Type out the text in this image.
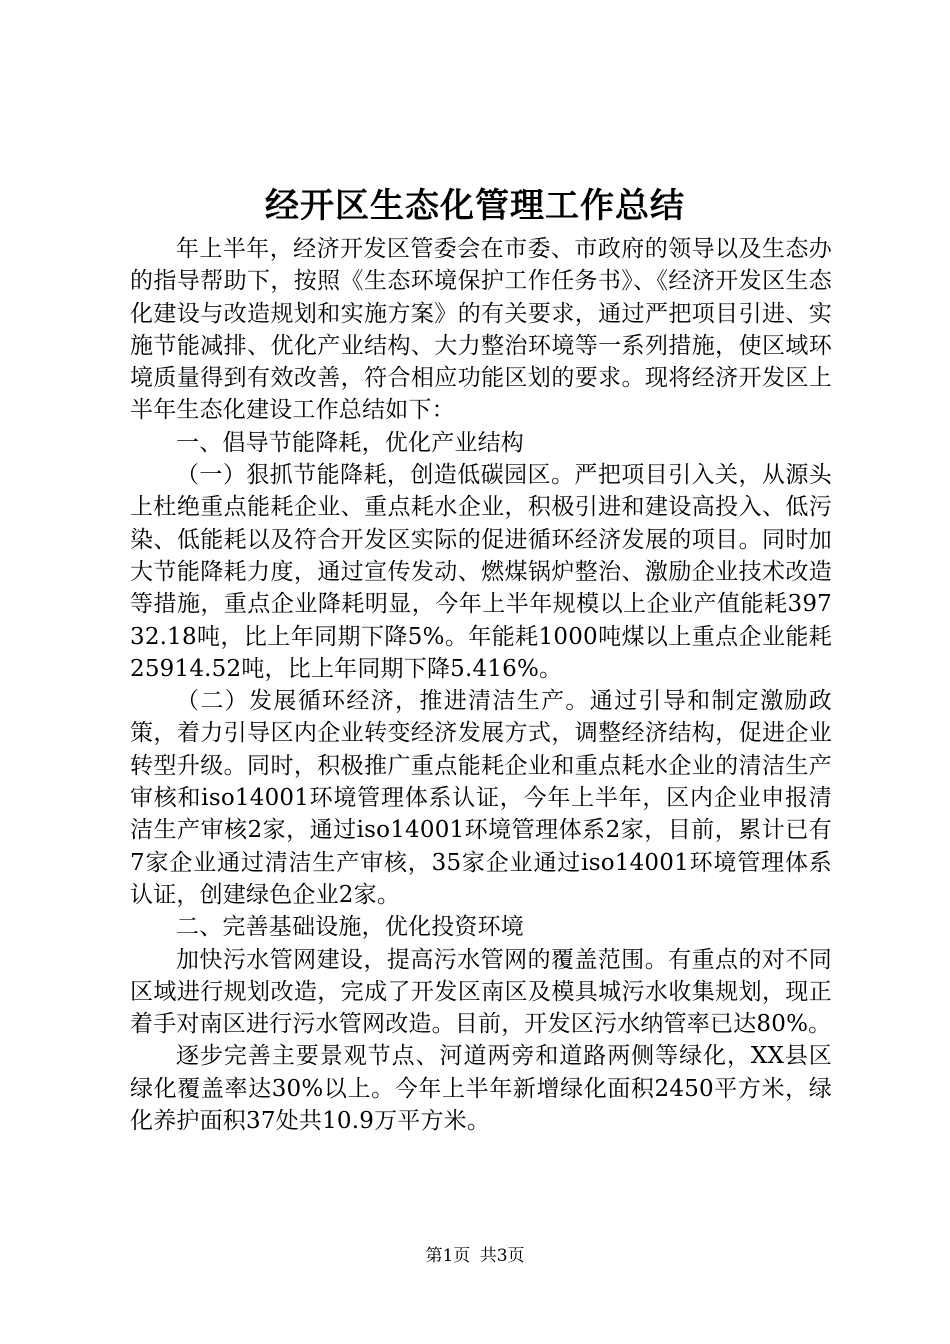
经开区生态化管理工作总结

年上半年，经济开发区管委会在市委、市政府的领导以及生态办的指导帮助下，按照《生态环境保护工作任务书》、《经济开发区生态化建设与改造规划和实施方案》的有关要求，通过严把项目引进、实施节能减排、优化产业结构、大力整治环境等一系列措施，使区域环境质量得到有效改善，符合相应功能区划的要求。现将经济开发区上半年生态化建设工作总结如下：

一、倡导节能降耗，优化产业结构

（一）狠抓节能降耗，创造低碳园区。严把项目引入关，从源头上杜绝重点能耗企业、重点耗水企业，积极引进和建设高投入、低污染、低能耗以及符合开发区实际的促进循环经济发展的项目。同时加大节能降耗力度，通过宣传发动、燃煤锅炉整治、激励企业技术改造等措施，重点企业降耗明显，今年上半年规模以上企业产值能耗39732.18吨，比上年同期下降5%。年能耗1000吨煤以上重点企业能耗25914.52吨，比上年同期下降5.416%。

（二）发展循环经济，推进清洁生产。通过引导和制定激励政策，着力引导区内企业转变经济发展方式，调整经济结构，促进企业转型升级。同时，积极推广重点能耗企业和重点耗水企业的清洁生产审核和iso14001环境管理体系认证，今年上半年，区内企业申报清洁生产审核2家，通过iso14001环境管理体系2家，目前，累计已有7家企业通过清洁生产审核，35家企业通过iso14001环境管理体系认证，创建绿色企业2家。

二、完善基础设施，优化投资环境

加快污水管网建设，提高污水管网的覆盖范围。有重点的对不同区域进行规划改造，完成了开发区南区及模具城污水收集规划，现正着手对南区进行污水管网改造。目前，开发区污水纳管率已达80%。

逐步完善主要景观节点、河道两旁和道路两侧等绿化，XX县区绿化覆盖率达30%以上。今年上半年新增绿化面积2450平方米，绿化养护面积37处共10.9万平方米。

第1页 共3页
